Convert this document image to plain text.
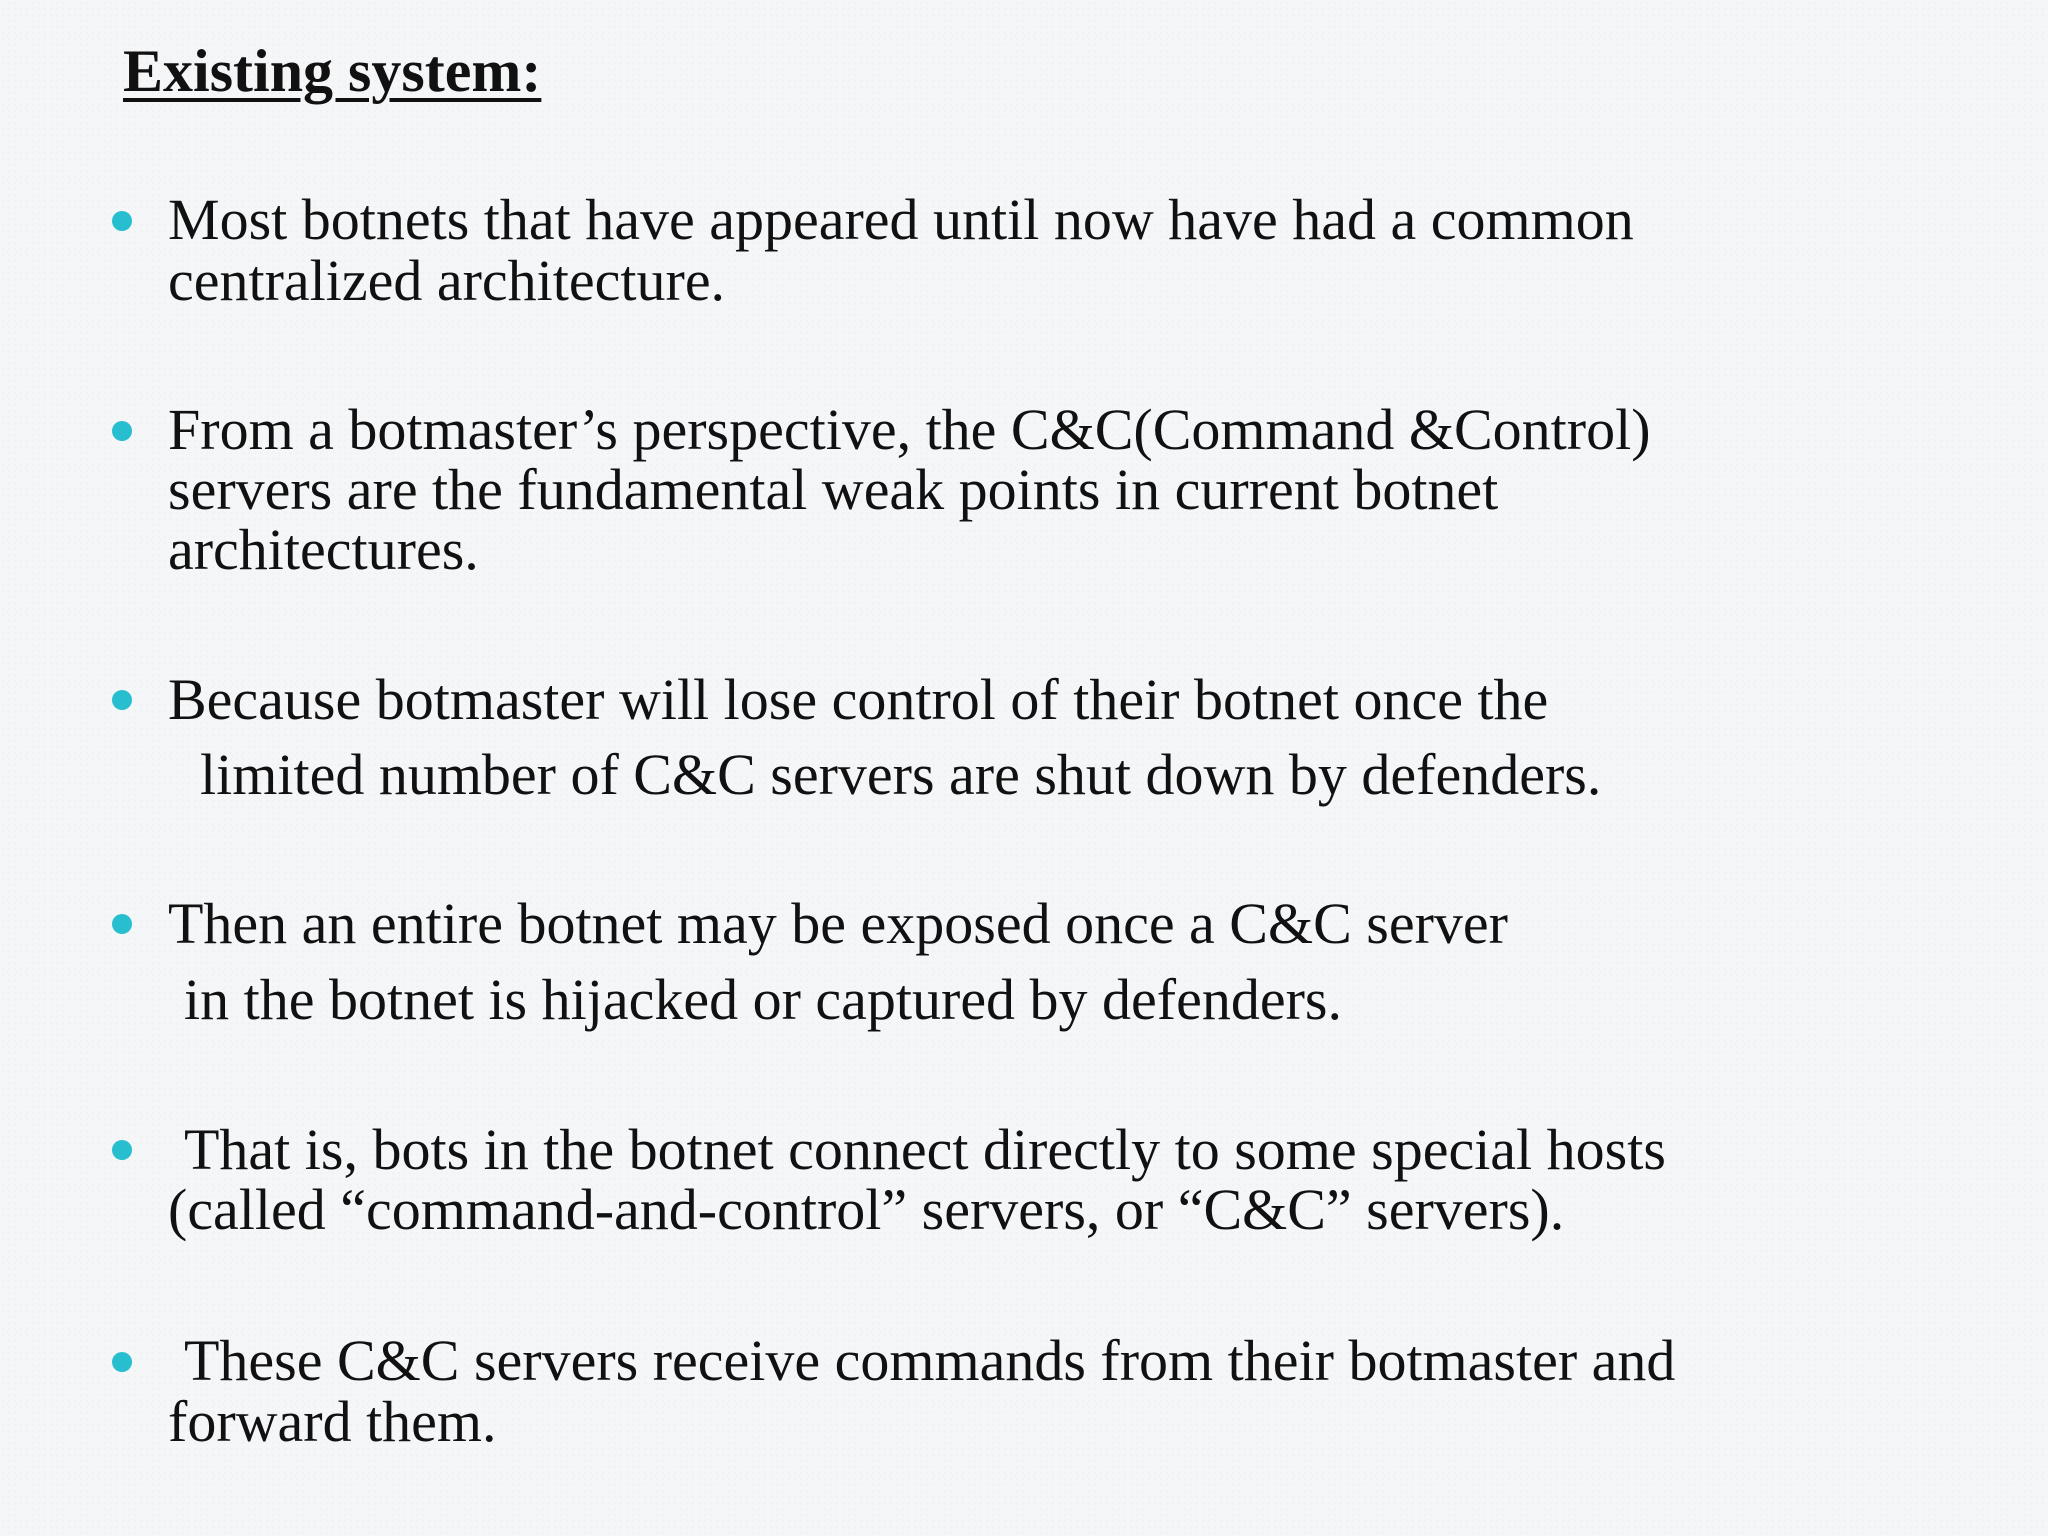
Existing system:

Most botnets that have appeared until now have had a common

centralized architecture.

From a botmaster’s perspective, the C&C(Command &Control)

servers are the fundamental weak points in current botnet

architectures.

Because botmaster will lose control of their botnet once the

limited number of C&C servers are shut down by defenders.

Then an entire botnet may be exposed once a C&C server

in the botnet is hijacked or captured by defenders.

That is, bots in the botnet connect directly to some special hosts

(called “command-and-control” servers, or “C&C” servers).

These C&C servers receive commands from their botmaster and

forward them.
